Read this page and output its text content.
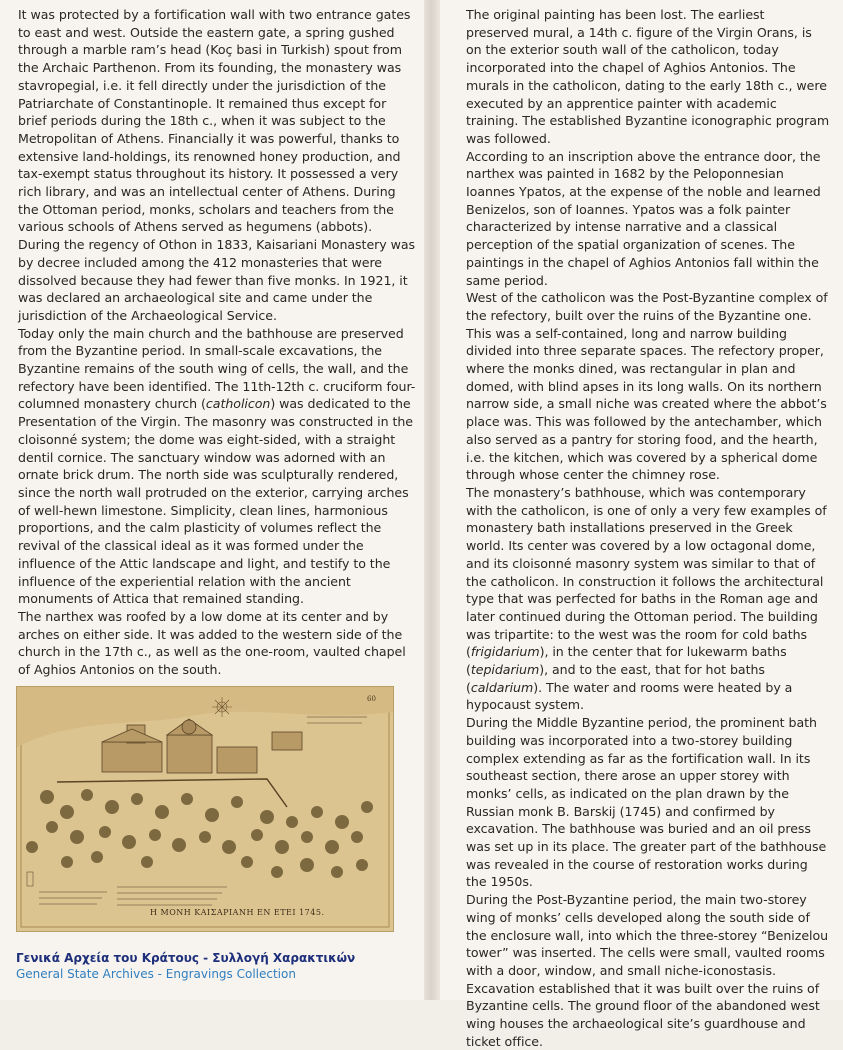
It was protected by a fortification wall with two entrance gates to east and west. Outside the eastern gate, a spring gushed through a marble ram’s head (Koç basi in Turkish) spout from the Archaic Parthenon. From its founding, the monastery was stavropegial, i.e. it fell directly under the jurisdiction of the Patriarchate of Constantinople. It remained thus except for brief periods during the 18th c., when it was subject to the Metropolitan of Athens. Financially it was powerful, thanks to extensive land-holdings, its renowned honey production, and tax-exempt status throughout its history. It possessed a very rich library, and was an intellectual center of Athens. During the Ottoman period, monks, scholars and teachers from the various schools of Athens served as hegumens (abbots). During the regency of Othon in 1833, Kaisariani Monastery was by decree included among the 412 monasteries that were dissolved because they had fewer than five monks. In 1921, it was declared an archaeological site and came under the jurisdiction of the Archaeological Service.

Today only the main church and the bathhouse are preserved from the Byzantine period. In small-scale excavations, the Byzantine remains of the south wing of cells, the wall, and the refectory have been identified. The 11th-12th c. cruciform four-columned monastery church (catholicon) was dedicated to the Presentation of the Virgin. The masonry was constructed in the cloisonné system; the dome was eight-sided, with a straight dentil cornice. The sanctuary window was adorned with an ornate brick drum. The north side was sculpturally rendered, since the north wall protruded on the exterior, carrying arches of well-hewn limestone. Simplicity, clean lines, harmonious proportions, and the calm plasticity of volumes reflect the revival of the classical ideal as it was formed under the influence of the Attic landscape and light, and testify to the influence of the experiential relation with the ancient monuments of Attica that remained standing.

The narthex was roofed by a low dome at its center and by arches on either side. It was added to the western side of the church in the 17th c., as well as the one-room, vaulted chapel of Aghios Antonios on the south.

60
Η ΜΟΝΗ ΚΑΙΣΑΡΙΑΝΗ ΕΝ ΕΤΕΙ 1745.
Γενικά Αρχεία του Κράτους - Συλλογή Χαρακτικών
General State Archives - Engravings Collection

The original painting has been lost. The earliest preserved mural, a 14th c. figure of the Virgin Orans, is on the exterior south wall of the catholicon, today incorporated into the chapel of Aghios Antonios. The murals in the catholicon, dating to the early 18th c., were executed by an apprentice painter with academic training. The established Byzantine iconographic program was followed.

According to an inscription above the entrance door, the narthex was painted in 1682 by the Peloponnesian Ioannes Ypatos, at the expense of the noble and learned Benizelos, son of Ioannes. Ypatos was a folk painter characterized by intense narrative and a classical perception of the spatial organization of scenes. The paintings in the chapel of Aghios Antonios fall within the same period.

West of the catholicon was the Post-Byzantine complex of the refectory, built over the ruins of the Byzantine one. This was a self-contained, long and narrow building divided into three separate spaces. The refectory proper, where the monks dined, was rectangular in plan and domed, with blind apses in its long walls. On its northern narrow side, a small niche was created where the abbot’s place was. This was followed by the antechamber, which also served as a pantry for storing food, and the hearth, i.e. the kitchen, which was covered by a spherical dome through whose center the chimney rose.

The monastery’s bathhouse, which was contemporary with the catholicon, is one of only a very few examples of monastery bath installations preserved in the Greek world. Its center was covered by a low octagonal dome, and its cloisonné masonry system was similar to that of the catholicon. In construction it follows the architectural type that was perfected for baths in the Roman age and later continued during the Ottoman period. The building was tripartite: to the west was the room for cold baths (frigidarium), in the center that for lukewarm baths (tepidarium), and to the east, that for hot baths (caldarium). The water and rooms were heated by a hypocaust system.

During the Middle Byzantine period, the prominent bath building was incorporated into a two-storey building complex extending as far as the fortification wall. In its southeast section, there arose an upper storey with monks’ cells, as indicated on the plan drawn by the Russian monk B. Barskij (1745) and confirmed by excavation. The bathhouse was buried and an oil press was set up in its place. The greater part of the bathhouse was revealed in the course of restoration works during the 1950s.

During the Post-Byzantine period, the main two-storey wing of monks’ cells developed along the south side of the enclosure wall, into which the three-storey “Benizelou tower” was inserted. The cells were small, vaulted rooms with a door, window, and small niche-iconostasis.

Excavation established that it was built over the ruins of Byzantine cells. The ground floor of the abandoned west wing houses the archaeological site’s guardhouse and ticket office.
